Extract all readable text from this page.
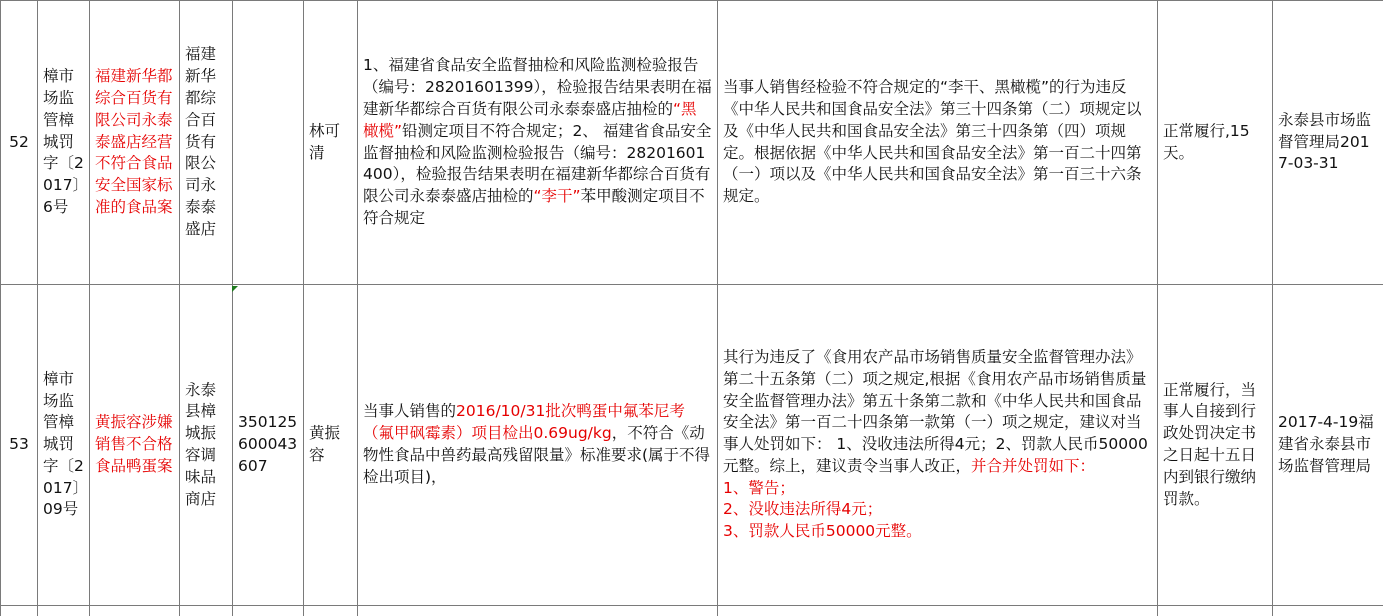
52	樟市场监管樟城罚字〔2017〕6号	福建新华都综合百货有限公司永泰泰盛店经营不符合食品安全国家标准的食品案	福建新华都综合百货有限公司永泰泰盛店		林可清	1、福建省食品安全监督抽检和风险监测检验报告（编号：28201601399），检验报告结果表明在福建新华都综合百货有限公司永泰泰盛店抽检的“黑橄榄”铅测定项目不符合规定；2、 福建省食品安全监督抽检和风险监测检验报告（编号：28201601400），检验报告结果表明在福建新华都综合百货有限公司永泰泰盛店抽检的“李干”苯甲酸测定项目不符合规定	当事人销售经检验不符合规定的“李干、黑橄榄”的行为违反《中华人民共和国食品安全法》第三十四条第（二）项规定以及《中华人民共和国食品安全法》第三十四条第（四）项规定。根据依据《中华人民共和国食品安全法》第一百二十四第（一）项以及《中华人民共和国食品安全法》第一百三十六条规定。	正常履行,15天。	永泰县市场监督管理局2017-03-31
53	樟市场监管樟城罚字〔2017〕09号	黄振容涉嫌销售不合格食品鸭蛋案	永泰县樟城振容调味品商店	350125600043607	黄振容	当事人销售的2016/10/31批次鸭蛋中氟苯尼考（氟甲砜霉素）项目检出0.69ug/kg，不符合《动物性食品中兽药最高残留限量》标准要求(属于不得检出项目)，	其行为违反了《食用农产品市场销售质量安全监督管理办法》第二十五条第（二）项之规定,根据《食用农产品市场销售质量安全监督管理办法》第五十条第二款和《中华人民共和国食品安全法》第一百二十四条第一款第（一）项之规定，建议对当事人处罚如下： 1、没收违法所得4元；2、罚款人民币50000元整。综上，建议责令当事人改正，并合并处罚如下：
1、警告；
2、没收违法所得4元；
3、罚款人民币50000元整。	正常履行，当事人自接到行政处罚决定书之日起十五日内到银行缴纳罚款。	2017-4-19福建省永泰县市场监督管理局
